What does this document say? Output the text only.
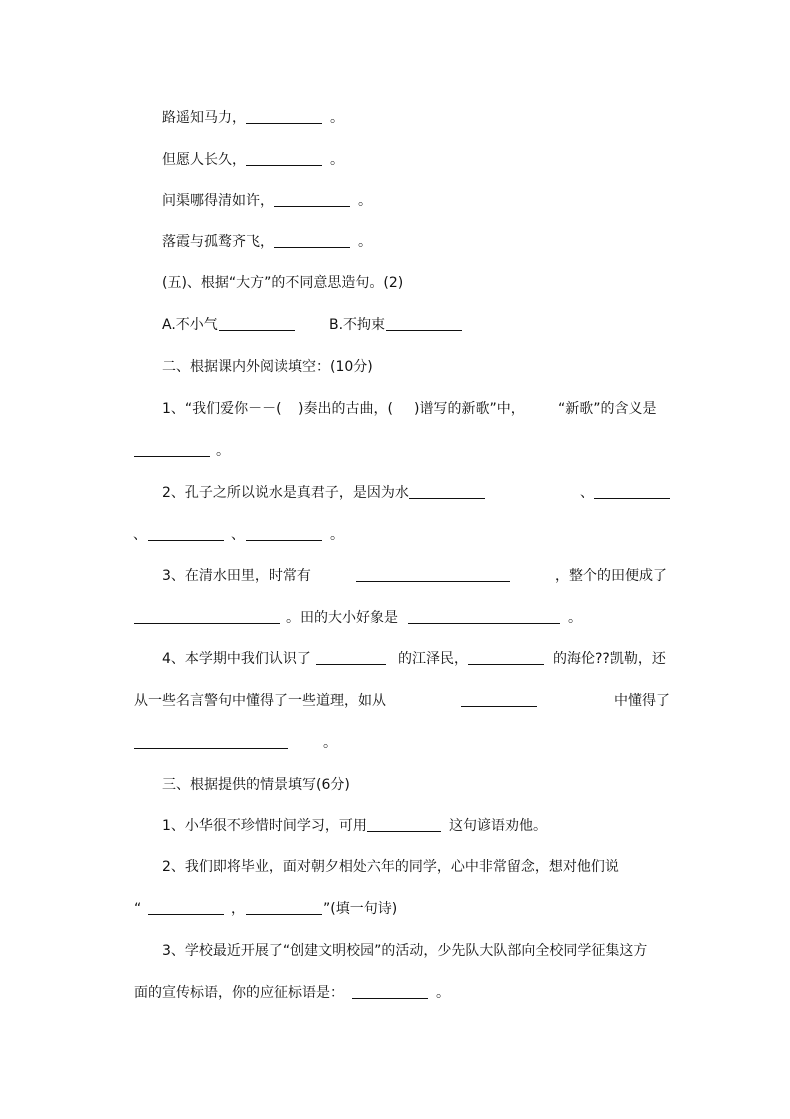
路遥知马力，	。
但愿人长久，	。
问渠哪得清如许，	。
落霞与孤鹜齐飞，	。
(五)、根据“大方”的不同意思造句。(2)
A.不小气	B.不拘束
二、根据课内外阅读填空：(10分)
1、“我们爱你－－( )奏出的古曲，( )谱写的新歌”中， “新歌”的含义是
。
2、孔子之所以说水是真君子，是因为水	、
、	、	。
3、在清水田里，时常有	，整个的田便成了
。田的大小好象是	。
4、本学期中我们认识了	的江泽民，	的海伦??凯勒，还
从一些名言警句中懂得了一些道理，如从	中懂得了
。
三、根据提供的情景填写(6分)
1、小华很不珍惜时间学习，可用	这句谚语劝他。
2、我们即将毕业，面对朝夕相处六年的同学，心中非常留念，想对他们说
“	，	”(填一句诗)
3、学校最近开展了“创建文明校园”的活动，少先队大队部向全校同学征集这方
面的宣传标语，你的应征标语是：	。
